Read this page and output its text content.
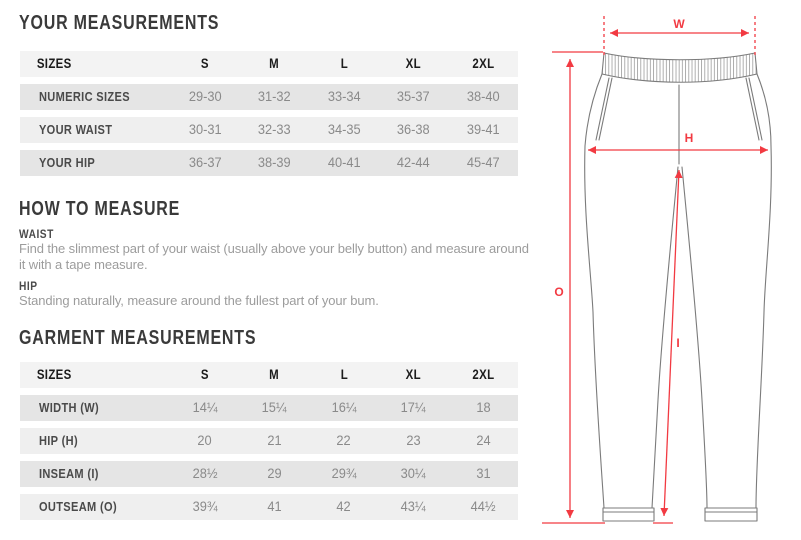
YOUR MEASUREMENTS
SIZES	S	M	L	XL	2XL
NUMERIC SIZES	29-30	31-32	33-34	35-37	38-40
YOUR WAIST	30-31	32-33	34-35	36-38	39-41
YOUR HIP	36-37	38-39	40-41	42-44	45-47
HOW TO MEASURE
WAIST

Find the slimmest part of your waist (usually above your belly button) and measure around it with a tape measure.

HIP

Standing naturally, measure around the fullest part of your bum.

GARMENT MEASUREMENTS
SIZES	S	M	L	XL	2XL
WIDTH (W)	14¼	15¼	16¼	17¼	18
HIP (H)	20	21	22	23	24
INSEAM (I)	28½	29	29¾	30¼	31
OUTSEAM (O)	39¾	41	42	43¼	44½
W
H
I
O
